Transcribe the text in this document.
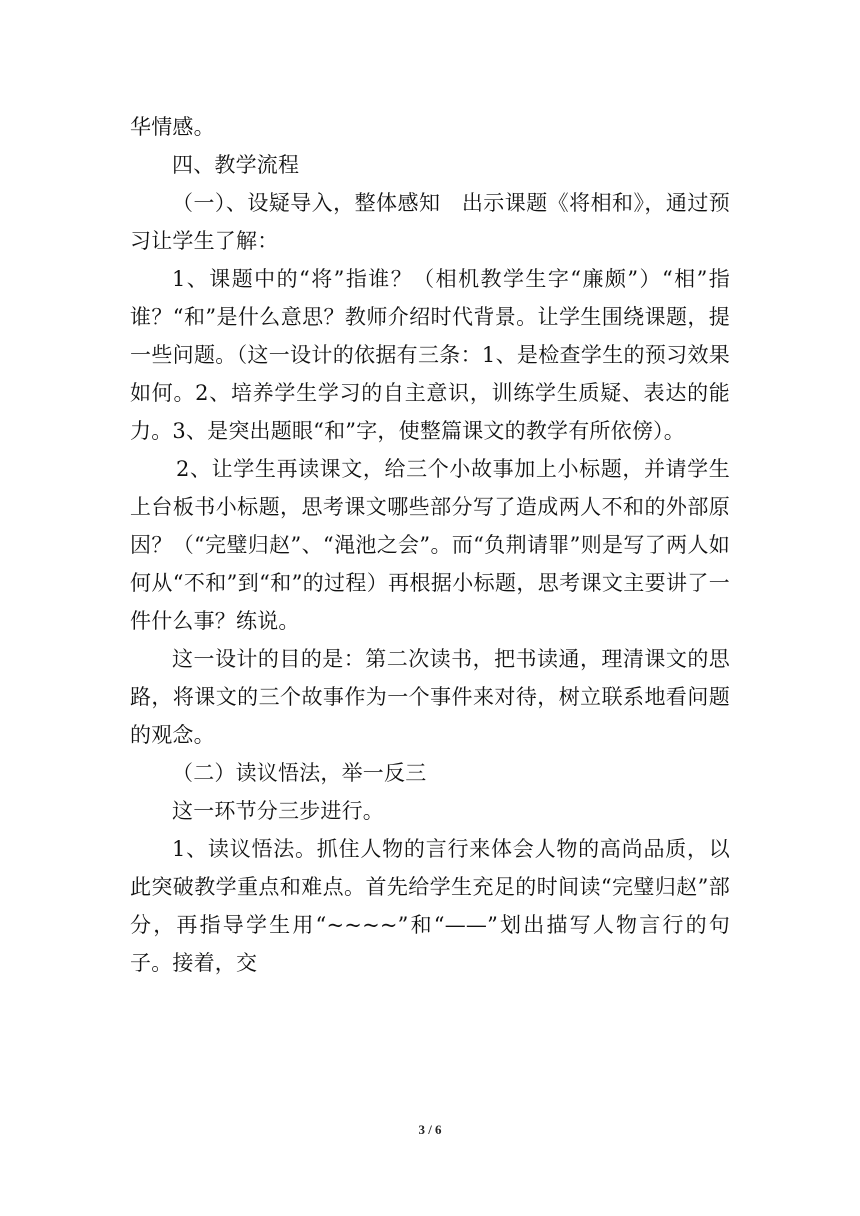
华情感。

四、教学流程

（一）、设疑导入，整体感知　出示课题《将相和》，通过预习让学生了解：

1、课题中的“将”指谁？（相机教学生字“廉颇”）“相”指谁？“和”是什么意思？教师介绍时代背景。让学生围绕课题，提一些问题。（这一设计的依据有三条：1、是检查学生的预习效果如何。2、培养学生学习的自主意识，训练学生质疑、表达的能力。3、是突出题眼“和”字，使整篇课文的教学有所依傍）。

2、让学生再读课文，给三个小故事加上小标题，并请学生上台板书小标题，思考课文哪些部分写了造成两人不和的外部原因？（“完璧归赵”、“渑池之会”。而“负荆请罪”则是写了两人如何从“不和”到“和”的过程）再根据小标题，思考课文主要讲了一件什么事？练说。

这一设计的目的是：第二次读书，把书读通，理清课文的思路，将课文的三个故事作为一个事件来对待，树立联系地看问题的观念。

（二）读议悟法，举一反三

这一环节分三步进行。

1、读议悟法。抓住人物的言行来体会人物的高尚品质，以此突破教学重点和难点。首先给学生充足的时间读“完璧归赵”部分，再指导学生用“~~~~”和“——”划出描写人物言行的句子。接着，交

3 / 6
